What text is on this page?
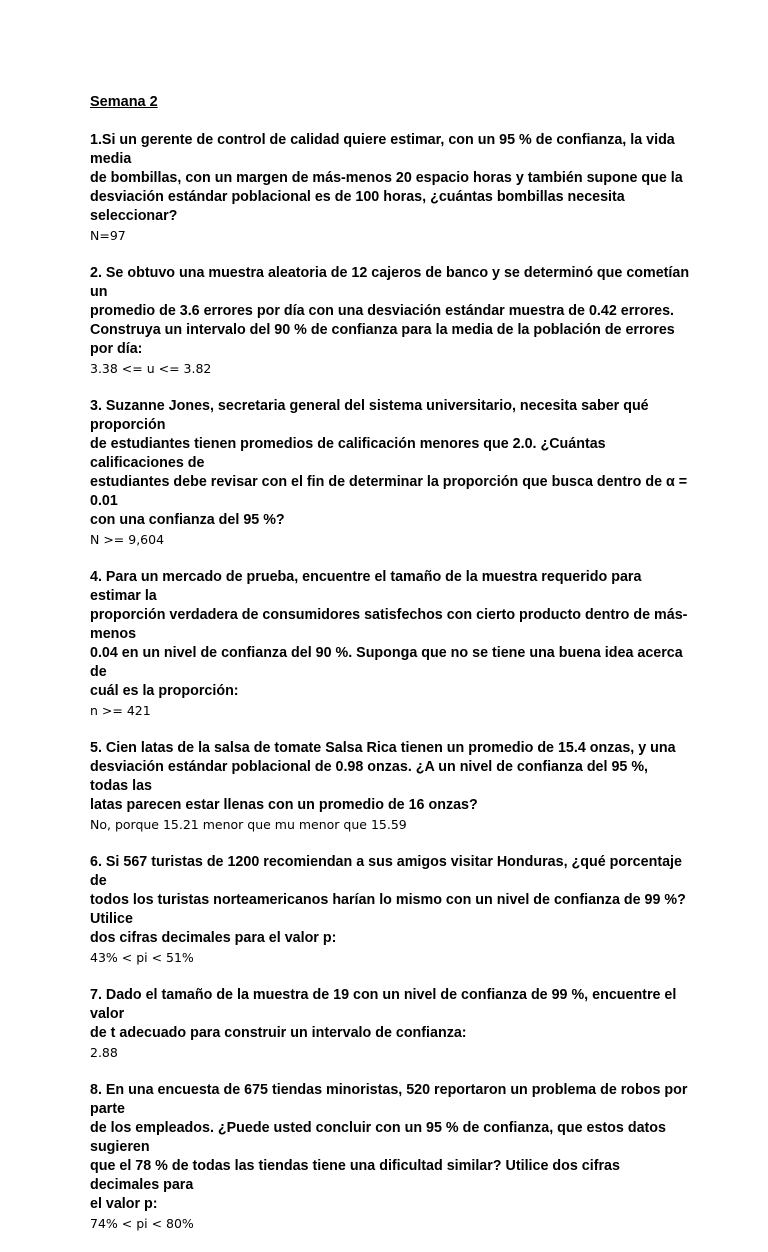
Semana 2

1.Si un gerente de control de calidad quiere estimar, con un 95 % de confianza, la vida media
de bombillas, con un margen de más-menos 20 espacio horas y también supone que la
desviación estándar poblacional es de 100 horas, ¿cuántas bombillas necesita seleccionar?

N=97

2. Se obtuvo una muestra aleatoria de 12 cajeros de banco y se determinó que cometían un
promedio de 3.6 errores por día con una desviación estándar muestra de 0.42 errores.
Construya un intervalo del 90 % de confianza para la media de la población de errores por día:

3.38 <= u <= 3.82

3. Suzanne Jones, secretaria general del sistema universitario, necesita saber qué proporción
de estudiantes tienen promedios de calificación menores que 2.0. ¿Cuántas calificaciones de
estudiantes debe revisar con el fin de determinar la proporción que busca dentro de α = 0.01
con una confianza del 95 %?

N >= 9,604

4. Para un mercado de prueba, encuentre el tamaño de la muestra requerido para estimar la
proporción verdadera de consumidores satisfechos con cierto producto dentro de más-menos
0.04 en un nivel de confianza del 90 %. Suponga que no se tiene una buena idea acerca de
cuál es la proporción:

n >= 421

5. Cien latas de la salsa de tomate Salsa Rica tienen un promedio de 15.4 onzas, y una
desviación estándar poblacional de 0.98 onzas. ¿A un nivel de confianza del 95 %, todas las
latas parecen estar llenas con un promedio de 16 onzas?

No, porque 15.21 menor que mu menor que 15.59

6. Si 567 turistas de 1200 recomiendan a sus amigos visitar Honduras, ¿qué porcentaje de
todos los turistas norteamericanos harían lo mismo con un nivel de confianza de 99 %? Utilice
dos cifras decimales para el valor p:

43% < pi < 51%

7. Dado el tamaño de la muestra de 19 con un nivel de confianza de 99 %, encuentre el valor
de t adecuado para construir un intervalo de confianza:

2.88

8. En una encuesta de 675 tiendas minoristas, 520 reportaron un problema de robos por parte
de los empleados. ¿Puede usted concluir con un 95 % de confianza, que estos datos sugieren
que el 78 % de todas las tiendas tiene una dificultad similar? Utilice dos cifras decimales para
el valor p:

74% < pi < 80%
